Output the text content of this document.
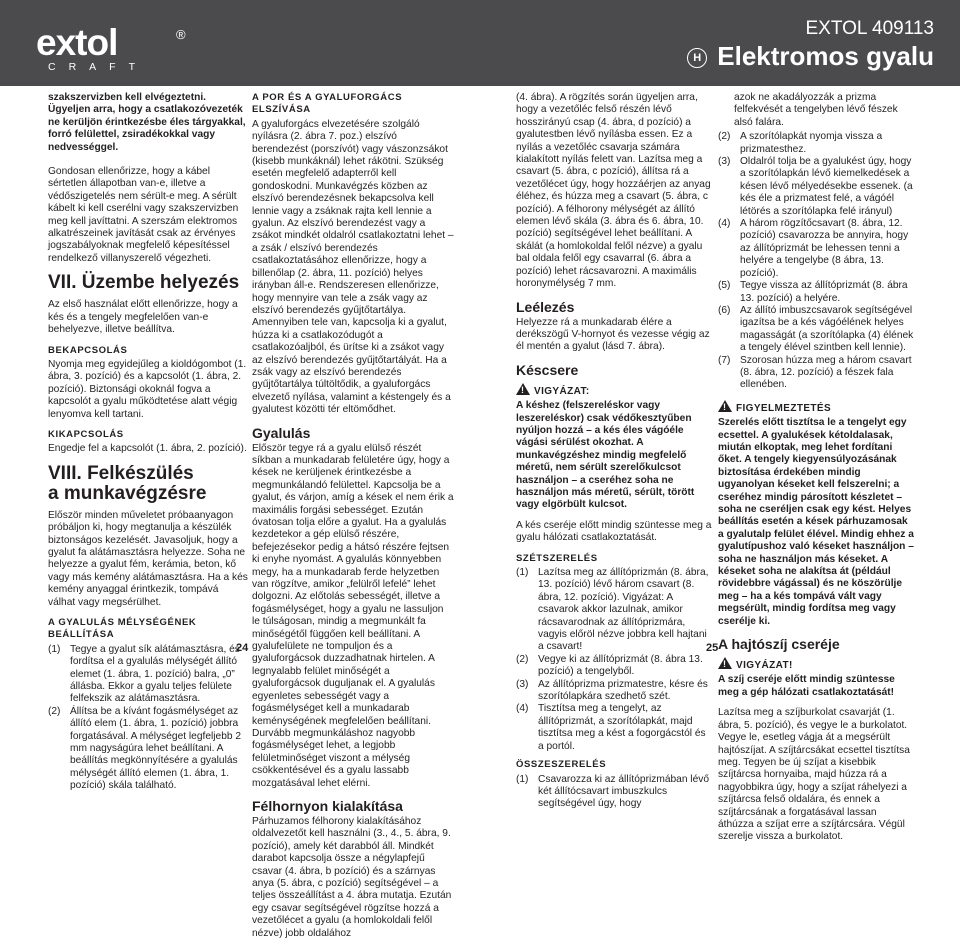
extol	®
CRAFT
EXTOL 409113
H Elektromos gyalu

szakszervizben kell elvégeztetni. Ügyeljen arra, hogy a csatlakozóvezeték ne kerüljön érintkezésbe éles tárgyakkal, forró felülettel, zsiradékokkal vagy nedvességgel.

Gondosan ellenőrizze, hogy a kábel sértetlen állapotban van-e, illetve a védőszigetelés nem sérült-e meg. A sérült kábelt ki kell cserélni vagy szakszervizben meg kell javíttatni. A szerszám elektromos alkatrészeinek javítását csak az érvényes jogszabályoknak megfelelő képesítéssel rendelkező villanyszerelő végezheti.

VII. Üzembe helyezés

Az első használat előtt ellenőrizze, hogy a kés és a tengely megfelelően van-e behelyezve, illetve beállítva.

BEKAPCSOLÁS

Nyomja meg egyidejűleg a kioldógombot (1. ábra, 3. pozíció) és a kapcsolót (1. ábra, 2. pozíció). Biztonsági okoknál fogva a kapcsolót a gyalu működtetése alatt végig lenyomva kell tartani.

KIKAPCSOLÁS

Engedje fel a kapcsolót (1. ábra, 2. pozíció).

VIII. Felkészülés
a munkavégzésre

Először minden műveletet próbaanyagon próbáljon ki, hogy megtanulja a készülék biztonságos kezelését. Javasoljuk, hogy a gyalut fa alátámasztásra helyezze. Soha ne helyezze a gyalut fém, kerámia, beton, kő vagy más kemény alátámasztásra. Ha a kés kemény anyaggal érintkezik, tompává válhat vagy megsérülhet.

A GYALULÁS MÉLYSÉGÉNEK BEÁLLÍTÁSA
(1) Tegye a gyalut sík alátámasztásra, és fordítsa el a gyalulás mélységét állító elemet (1. ábra, 1. pozíció) balra, „0” állásba. Ekkor a gyalu teljes felülete felfekszik az alátámasztásra.
(2) Állítsa be a kívánt fogásmélységet az állító elem (1. ábra, 1. pozíció) jobbra forgatásával. A mélységet legfeljebb 2 mm nagyságúra lehet beállítani. A beállítás megkönnyítésére a gyalulás mélységét állító elemen (1. ábra, 1. pozíció) skála található.
A POR ÉS A GYALUFORGÁCS ELSZÍVÁSA

A gyaluforgács elvezetésére szolgáló nyílásra (2. ábra 7. poz.) elszívó berendezést (porszívót) vagy vászonzsákot (kisebb munkáknál) lehet rákötni. Szükség esetén megfelelő adapterről kell gondoskodni. Munkavégzés közben az elszívó berendezésnek bekapcsolva kell lennie vagy a zsáknak rajta kell lennie a gyalun. Az elszívó berendezést vagy a zsákot mindkét oldalról csatlakoztatni lehet – a zsák / elszívó berendezés csatlakoztatásához ellenőrizze, hogy a billenőlap (2. ábra, 11. pozíció) helyes irányban áll-e. Rendszeresen ellenőrizze, hogy mennyire van tele a zsák vagy az elszívó berendezés gyűjtőtartálya. Amennyiben tele van, kapcsolja ki a gyalut, húzza ki a csatlakozódugót a csatlakozóaljból, és ürítse ki a zsákot vagy az elszívó berendezés gyűjtőtartályát. Ha a zsák vagy az elszívó berendezés gyűjtőtartálya túltöltődik, a gyaluforgács elvezető nyílása, valamint a késtengely és a gyalutest közötti tér eltömődhet.

Gyalulás

Először tegye rá a gyalu elülső részét síkban a munkadarab felületére úgy, hogy a kések ne kerüljenek érintkezésbe a megmunkálandó felülettel. Kapcsolja be a gyalut, és várjon, amíg a kések el nem érik a maximális forgási sebességet. Ezután óvatosan tolja előre a gyalut. Ha a gyalulás kezdetekor a gép elülső részére, befejezésekor pedig a hátsó részére fejtsen ki enyhe nyomást. A gyalulás könnyebben megy, ha a munkadarab ferde helyzetben van rögzítve, amikor „felülről lefelé” lehet dolgozni. Az előtolás sebességét, illetve a fogásmélységet, hogy a gyalu ne lassuljon le túlságosan, mindig a megmunkált fa minőségétől függően kell beállítani. A gyalufelülete ne tompuljon és a gyaluforgácsok duzzadhatnak hirtelen. A legnyalabb felület minőségét a gyaluforgácsok duguljanak el. A gyalulás egyenletes sebességét vagy a fogásmélységet kell a munkadarab keménységének megfelelően beállítani. Durvább megmunkáláshoz nagyobb fogásmélységet lehet, a legjobb felületminőséget viszont a mélység csökkentésével és a gyalu lassabb mozgatásával lehet elérni.

Félhornyon kialakítása

Párhuzamos félhorony kialakításához oldalvezetőt kell használni (3., 4., 5. ábra, 9. pozíció), amely két darabból áll. Mindkét darabot kapcsolja össze a négylapfejű csavar (4. ábra, b pozíció) és a szárnyas anya (5. ábra, c pozíció) segítségével – a teljes összeállítást a 4. ábra mutatja. Ezután egy csavar segítségével rögzítse hozzá a vezetőlécet a gyalu (a homlokoldali felől nézve) jobb oldalához

(4. ábra). A rögzítés során ügyeljen arra, hogy a vezetőléc felső részén lévő hosszirányú csap (4. ábra, d pozíció) a gyalutestben lévő nyílásba essen. Ez a nyílás a vezetőléc csavarja számára kialakított nyílás felett van. Lazítsa meg a csavart (5. ábra, c pozíció), állítsa rá a vezetőlécet úgy, hogy hozzáérjen az anyag éléhez, és húzza meg a csavart (5. ábra, c pozíció). A félhorony mélységét az állító elemen lévő skála (3. ábra és 6. ábra, 10. pozíció) segítségével lehet beállítani. A skálát (a homlokoldal felől nézve) a gyalu bal oldala felől egy csavarral (6. ábra a pozíció) lehet rácsavarozni. A maximális horonymélység 7 mm.

Leélezés

Helyezze rá a munkadarab élére a derékszögű V-hornyot és vezesse végig az él mentén a gyalut (lásd 7. ábra).

Késcsere
!VIGYÁZAT:

A késhez (felszereléskor vagy leszereléskor) csak védőkesztyűben nyúljon hozzá – a kés éles vágóéle vágási sérülést okozhat. A munkavégzéshez mindig megfelelő méretű, nem sérült szerelőkulcsot használjon – a cseréhez soha ne használjon más méretű, sérült, törött vagy elgörbült kulcsot.

A kés cseréje előtt mindig szüntesse meg a gyalu hálózati csatlakoztatását.

SZÉTSZERELÉS
(1) Lazítsa meg az állítóprizmán (8. ábra, 13. pozíció) lévő három csavart (8. ábra, 12. pozíció). Vigyázat: A csavarok akkor lazulnak, amikor rácsavarodnak az állítóprizmára, vagyis előröl nézve jobbra kell hajtani a csavart!
(2) Vegye ki az állítóprizmát (8. ábra 13. pozíció) a tengelyből.
(3) Az állítóprizma prizmatestre, késre és szorítólapkára szedhető szét.
(4) Tisztítsa meg a tengelyt, az állítóprizmát, a szorítólapkát, majd tisztítsa meg a kést a fogorgácstól és a portól.
ÖSSZESZERELÉS
(1) Csavarozza ki az állítóprizmában lévő két állítócsavart imbuszkulcs segítségével úgy, hogy

azok ne akadályozzák a prizma felfekvését a tengelyben lévő fészek alsó falára.

(2) A szorítólapkát nyomja vissza a prizmatesthez.
(3) Oldalról tolja be a gyalukést úgy, hogy a szorítólapkán lévő kiemelkedések a késen lévő mélyedésekbe essenek. (a kés éle a prizmatest felé, a vágóél létörés a szorítólapka felé irányul)
(4) A három rögzítőcsavart (8. ábra, 12. pozíció) csavarozza be annyira, hogy az állítóprizmát be lehessen tenni a helyére a tengelybe (8 ábra, 13. pozíció).
(5) Tegye vissza az állítóprizmát (8. ábra 13. pozíció) a helyére.
(6) Az állító imbuszcsavarok segítségével igazítsa be a kés vágóélének helyes magasságát (a szorítólapka (4) élének a tengely élével szintben kell lennie).
(7) Szorosan húzza meg a három csavart (8. ábra, 12. pozíció) a fészek fala ellenében.
!FIGYELMEZTETÉS

Szerelés előtt tisztítsa le a tengelyt egy ecsettel. A gyalukések kétoldalasak, miután elkoptak, meg lehet fordítani őket. A tengely kiegyensúlyozásának biztosítása érdekében mindig ugyanolyan késeket kell felszerelni; a cseréhez mindig párosított készletet – soha ne cseréljen csak egy kést. Helyes beállítás esetén a kések párhuzamosak a gyalutalp felület élével. Mindig ehhez a gyalutípushoz való késeket használjon – soha ne használjon más késeket. A késeket soha ne alakítsa át (például rövidebbre vágással) és ne köszörülje meg – ha a kés tompává vált vagy megsérült, mindig fordítsa meg vagy cserélje ki.

A hajtószíj cseréje
!VIGYÁZAT!

A szíj cseréje előtt mindig szüntesse meg a gép hálózati csatlakoztatását!

Lazítsa meg a szíjburkolat csavarját (1. ábra, 5. pozíció), és vegye le a burkolatot. Vegye le, esetleg vágja át a megsérült hajtószíjat. A szíjtárcsákat ecsettel tisztítsa meg. Tegyen be új szíjat a kisebbik szíjtárcsa hornyaiba, majd húzza rá a nagyobbikra úgy, hogy a szíjat ráhelyezi a szíjtárcsa felső oldalára, és ennek a szíjtárcsának a forgatásával lassan áthúzza a szíjat erre a szíjtárcsára. Végül szerelje vissza a burkolatot.

24	25
